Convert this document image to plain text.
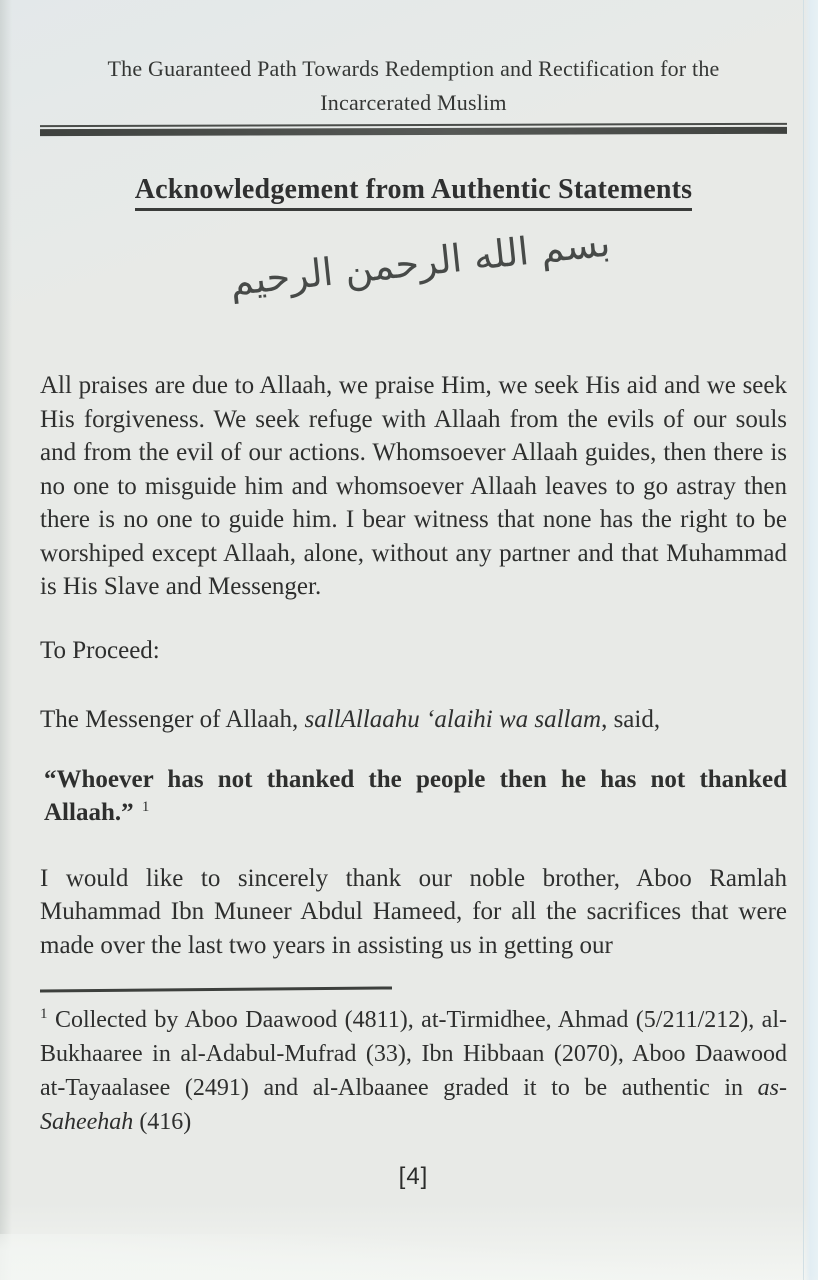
The Guaranteed Path Towards Redemption and Rectification for the
Incarcerated Muslim
Acknowledgement from Authentic Statements
بسم الله الرحمن الرحيم

All praises are due to Allaah, we praise Him, we seek His aid and we seek His forgiveness. We seek refuge with Allaah from the evils of our souls and from the evil of our actions. Whomsoever Allaah guides, then there is no one to misguide him and whomsoever Allaah leaves to go astray then there is no one to guide him. I bear witness that none has the right to be worshiped except Allaah, alone, without any partner and that Muhammad is His Slave and Messenger.

To Proceed:

The Messenger of Allaah, sallAllaahu ‘alaihi wa sallam, said,

“Whoever has not thanked the people then he has not thanked Allaah.” $^1$

I would like to sincerely thank our noble brother, Aboo Ramlah Muhammad Ibn Muneer Abdul Hameed, for all the sacrifices that were made over the last two years in assisting us in getting our

$^1$ Collected by Aboo Daawood (4811), at-Tirmidhee, Ahmad (5/211/212), al-Bukhaaree in al-Adabul-Mufrad (33), Ibn Hibbaan (2070), Aboo Daawood at-Tayaalasee (2491) and al-Albaanee graded it to be authentic in as-Saheehah (416)

[4]
